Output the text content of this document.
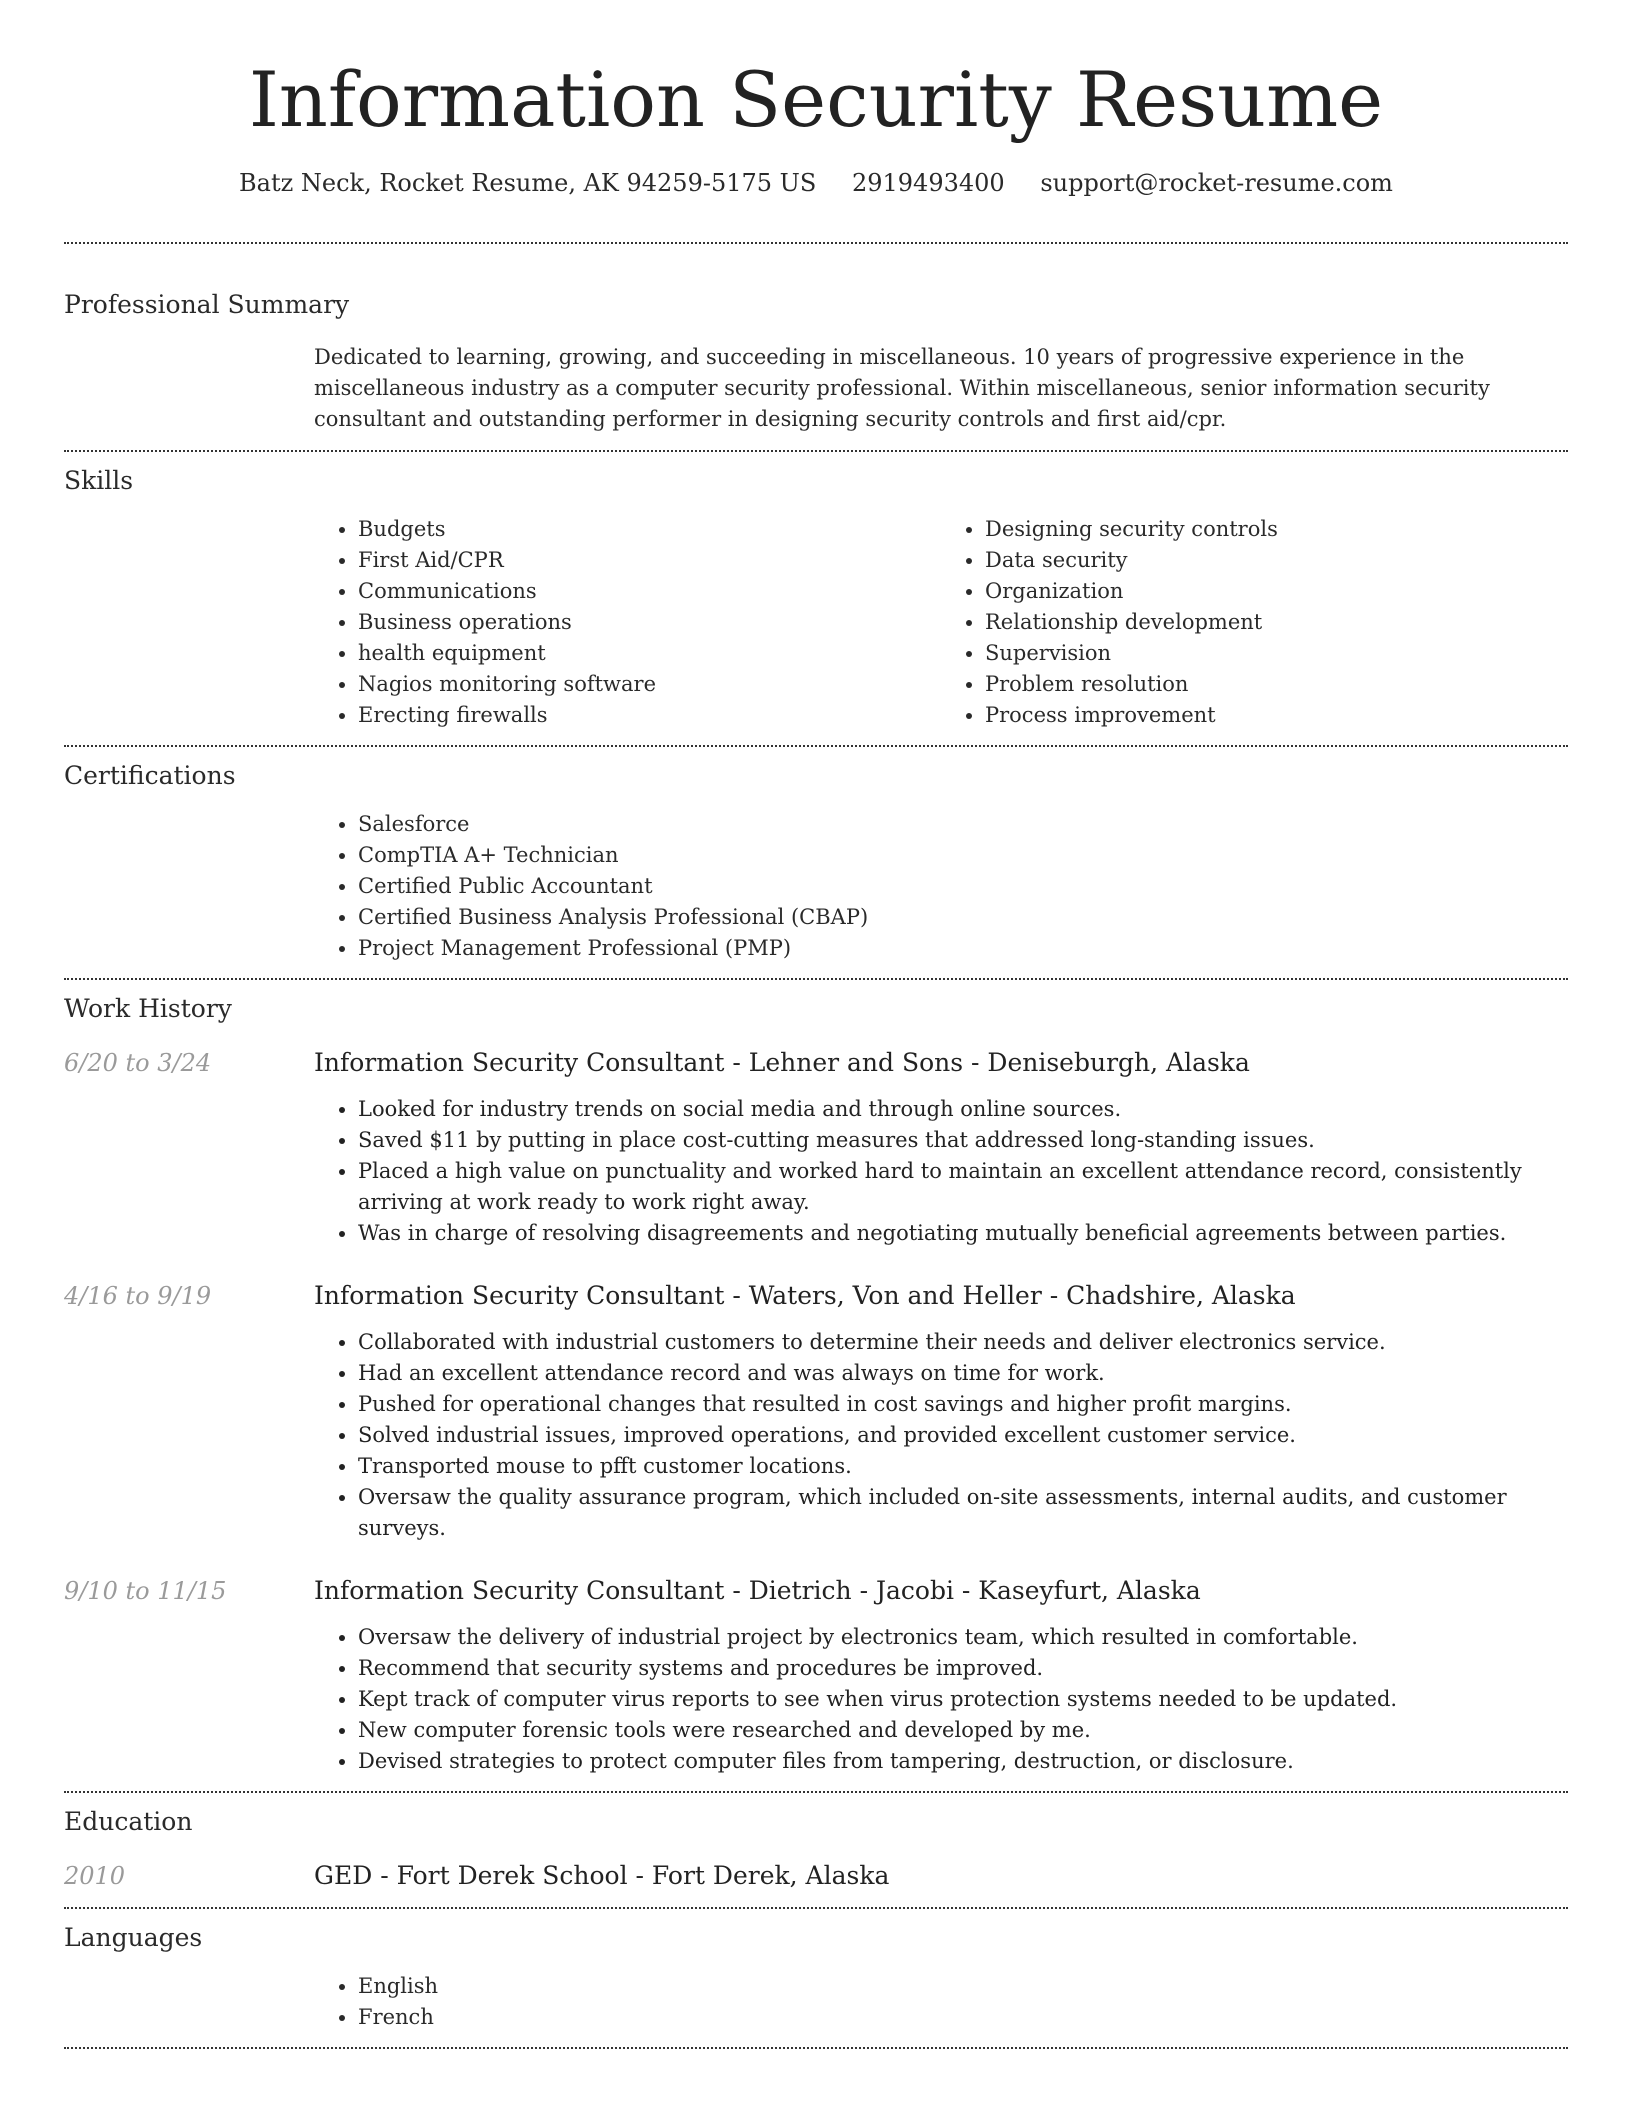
Information Security Resume
Batz Neck, Rocket Resume, AK 94259-5175 US 2919493400 support@rocket-resume.com
Professional Summary
Dedicated to learning, growing, and succeeding in miscellaneous. 10 years of progressive experience in the miscellaneous industry as a computer security professional. Within miscellaneous, senior information security consultant and outstanding performer in designing security controls and first aid/cpr.
Skills
• Budgets
• First Aid/CPR
• Communications
• Business operations
• health equipment
• Nagios monitoring software
• Erecting firewalls
• Designing security controls
• Data security
• Organization
• Relationship development
• Supervision
• Problem resolution
• Process improvement
Certifications
• Salesforce
• CompTIA A+ Technician
• Certified Public Accountant
• Certified Business Analysis Professional (CBAP)
• Project Management Professional (PMP)
Work History
6/20 to 3/24	Information Security Consultant - Lehner and Sons - Deniseburgh, Alaska
• Looked for industry trends on social media and through online sources.
• Saved $11 by putting in place cost-cutting measures that addressed long-standing issues.
• Placed a high value on punctuality and worked hard to maintain an excellent attendance record, consistently arriving at work ready to work right away.
• Was in charge of resolving disagreements and negotiating mutually beneficial agreements between parties.
4/16 to 9/19	Information Security Consultant - Waters, Von and Heller - Chadshire, Alaska
• Collaborated with industrial customers to determine their needs and deliver electronics service.
• Had an excellent attendance record and was always on time for work.
• Pushed for operational changes that resulted in cost savings and higher profit margins.
• Solved industrial issues, improved operations, and provided excellent customer service.
• Transported mouse to pfft customer locations.
• Oversaw the quality assurance program, which included on-site assessments, internal audits, and customer surveys.
9/10 to 11/15	Information Security Consultant - Dietrich - Jacobi - Kaseyfurt, Alaska
• Oversaw the delivery of industrial project by electronics team, which resulted in comfortable.
• Recommend that security systems and procedures be improved.
• Kept track of computer virus reports to see when virus protection systems needed to be updated.
• New computer forensic tools were researched and developed by me.
• Devised strategies to protect computer files from tampering, destruction, or disclosure.
Education
2010	GED - Fort Derek School - Fort Derek, Alaska
Languages
• English
• French
